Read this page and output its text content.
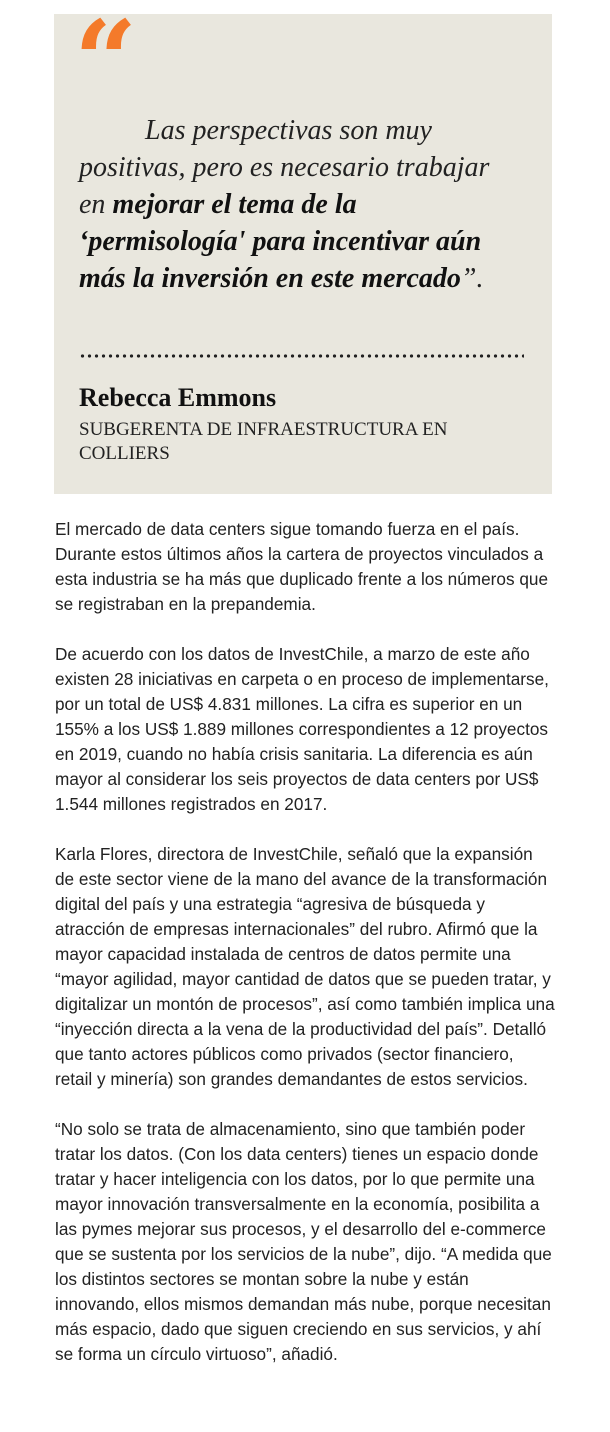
“

Las perspectivas son muy positivas, pero es necesario trabajar en mejorar el tema de la ‘permisología' para incentivar aún más la inversión en este mercado”.

Rebecca Emmons

SUBGERENTA DE INFRAESTRUCTURA EN COLLIERS

El mercado de data centers sigue tomando fuerza en el país. Durante estos últimos años la cartera de proyectos vinculados a esta industria se ha más que duplicado frente a los números que se registraban en la prepandemia.

De acuerdo con los datos de InvestChile, a marzo de este año existen 28 iniciativas en carpeta o en proceso de implementarse, por un total de US$ 4.831 millones. La cifra es superior en un 155% a los US$ 1.889 millones correspondientes a 12 proyectos en 2019, cuando no había crisis sanitaria. La diferencia es aún mayor al considerar los seis proyectos de data centers por US$ 1.544 millones registrados en 2017.

Karla Flores, directora de InvestChile, señaló que la expansión de este sector viene de la mano del avance de la transformación digital del país y una estrategia “agresiva de búsqueda y atracción de empresas internacionales” del rubro. Afirmó que la mayor capacidad instalada de centros de datos permite una “mayor agilidad, mayor cantidad de datos que se pueden tratar, y digitalizar un montón de procesos”, así como también implica una “inyección directa a la vena de la productividad del país”. Detalló que tanto actores públicos como privados (sector financiero, retail y minería) son grandes demandantes de estos servicios.

“No solo se trata de almacenamiento, sino que también poder tratar los datos. (Con los data centers) tienes un espacio donde tratar y hacer inteligencia con los datos, por lo que permite una mayor innovación transversalmente en la economía, posibilita a las pymes mejorar sus procesos, y el desarrollo del e-commerce que se sustenta por los servicios de la nube”, dijo. “A medida que los distintos sectores se montan sobre la nube y están innovando, ellos mismos demandan más nube, porque necesitan más espacio, dado que siguen creciendo en sus servicios, y ahí se forma un círculo virtuoso”, añadió.
